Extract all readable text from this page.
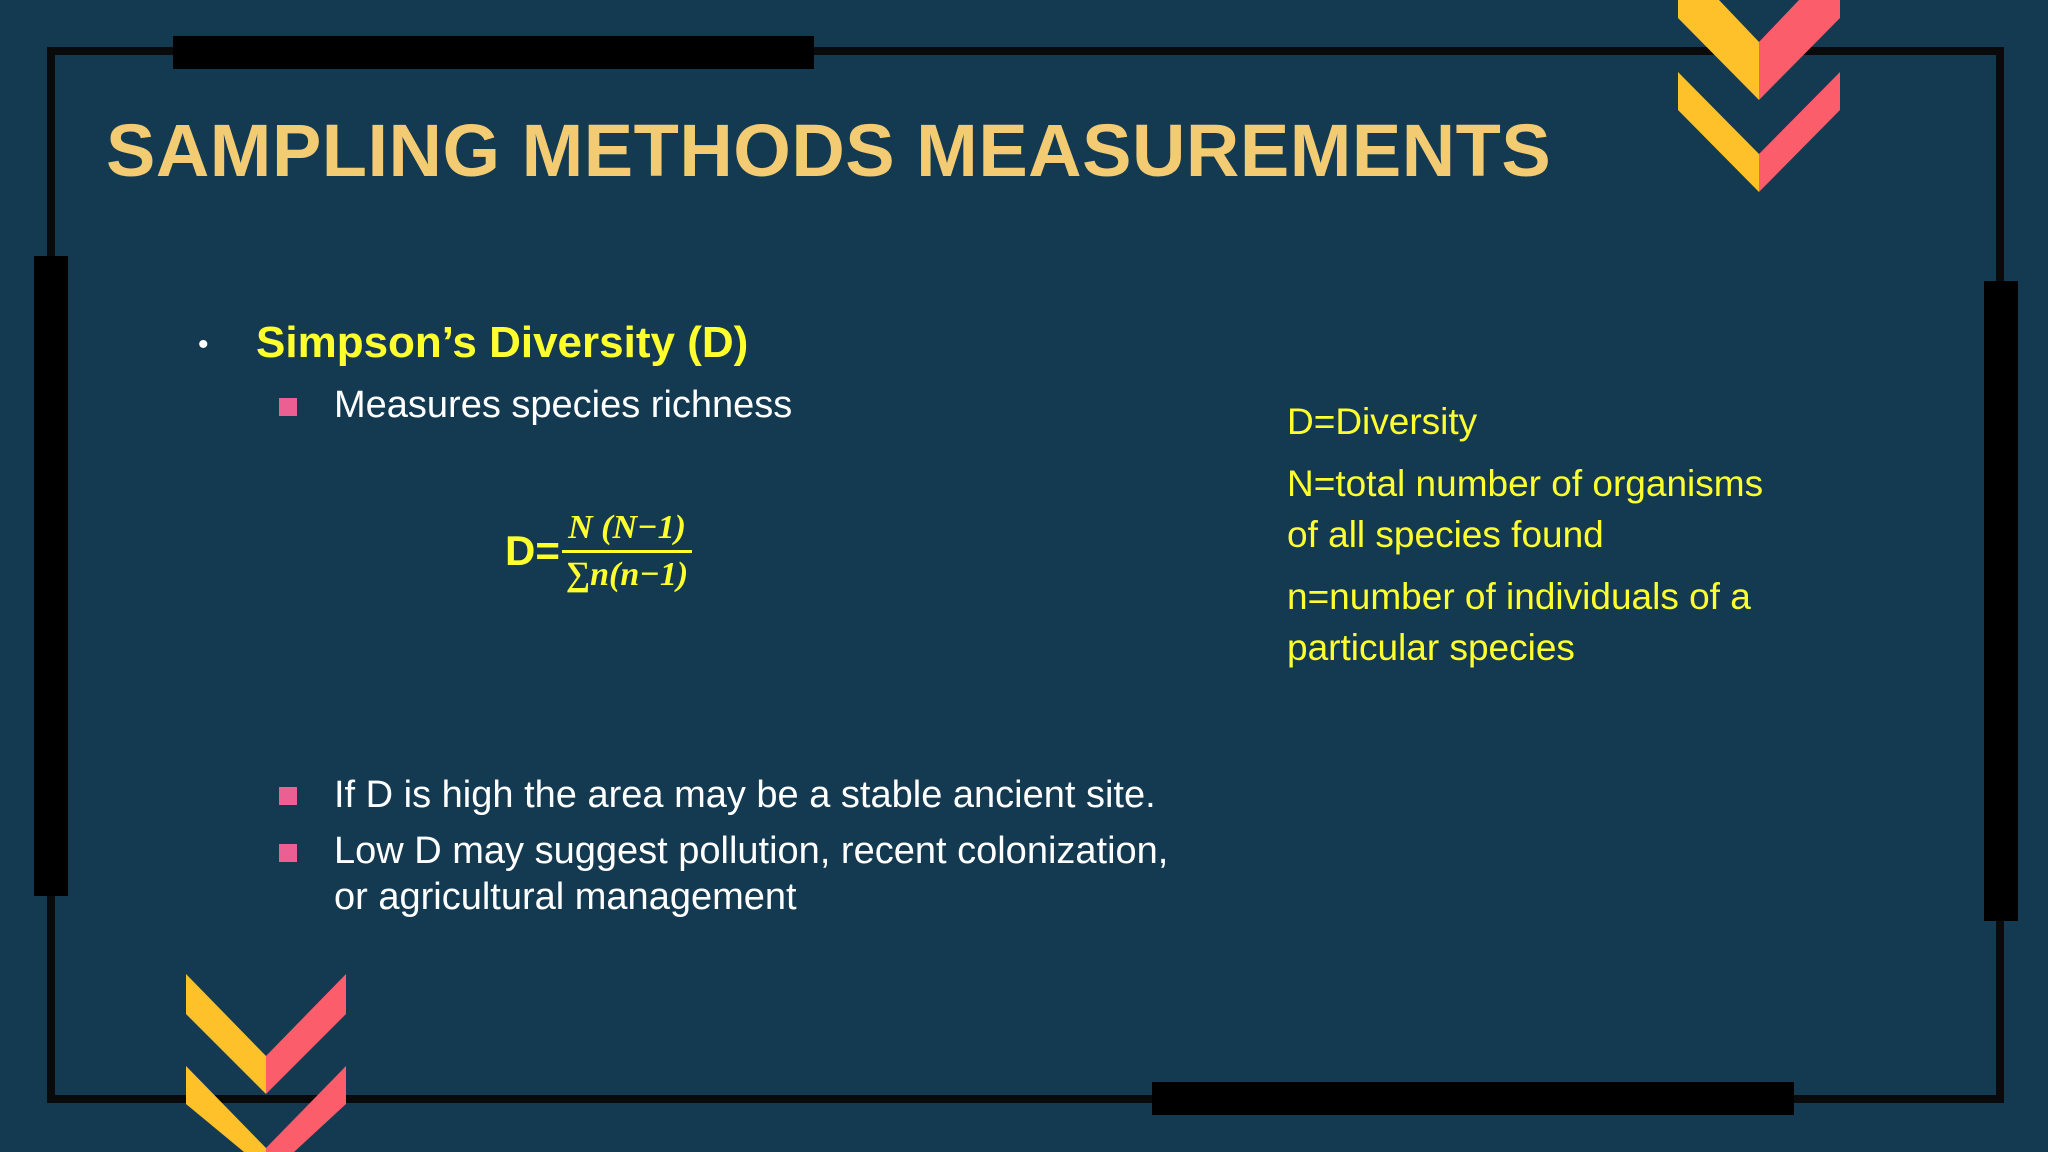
SAMPLING METHODS MEASUREMENTS
• Simpson’s Diversity (D)
Measures species richness
$D= \frac{N (N-1)}{\sum n(n-1)}$
D=Diversity
N=total number of organisms
of all species found
n=number of individuals of a
particular species
If D is high the area may be a stable ancient site.
Low D may suggest pollution, recent colonization,
or agricultural management
